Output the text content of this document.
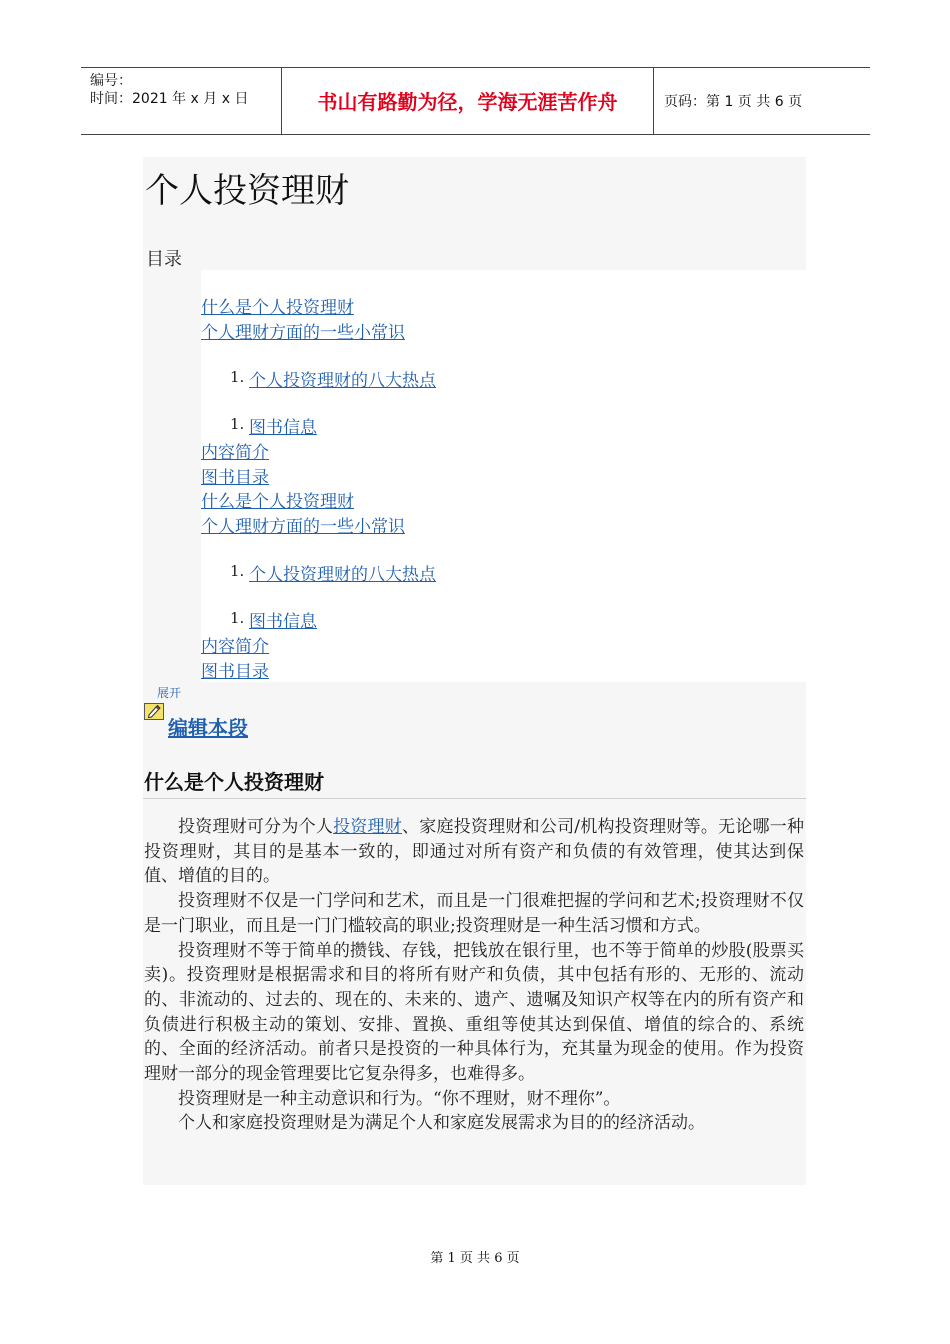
编号：
时间：2021 年 x 月 x 日	书山有路勤为径，学海无涯苦作舟	页码：第 1 页 共 6 页
个人投资理财
目录
什么是个人投资理财
个人理财方面的一些小常识
1. 个人投资理财的八大热点
1. 图书信息
内容简介
图书目录
什么是个人投资理财
个人理财方面的一些小常识
1. 个人投资理财的八大热点
1. 图书信息
内容简介
图书目录
展开
编辑本段
什么是个人投资理财

投资理财可分为个人投资理财、家庭投资理财和公司/机构投资理财等。无论哪一种投资理财，其目的是基本一致的，即通过对所有资产和负债的有效管理，使其达到保值、增值的目的。

投资理财不仅是一门学问和艺术，而且是一门很难把握的学问和艺术;投资理财不仅是一门职业，而且是一门门槛较高的职业;投资理财是一种生活习惯和方式。

投资理财不等于简单的攒钱、存钱，把钱放在银行里，也不等于简单的炒股(股票买卖)。投资理财是根据需求和目的将所有财产和负债，其中包括有形的、无形的、流动的、非流动的、过去的、现在的、未来的、遗产、遗嘱及知识产权等在内的所有资产和负债进行积极主动的策划、安排、置换、重组等使其达到保值、增值的综合的、系统的、全面的经济活动。前者只是投资的一种具体行为，充其量为现金的使用。作为投资理财一部分的现金管理要比它复杂得多，也难得多。

投资理财是一种主动意识和行为。“你不理财，财不理你”。

个人和家庭投资理财是为满足个人和家庭发展需求为目的的经济活动。

第 1 页 共 6 页
